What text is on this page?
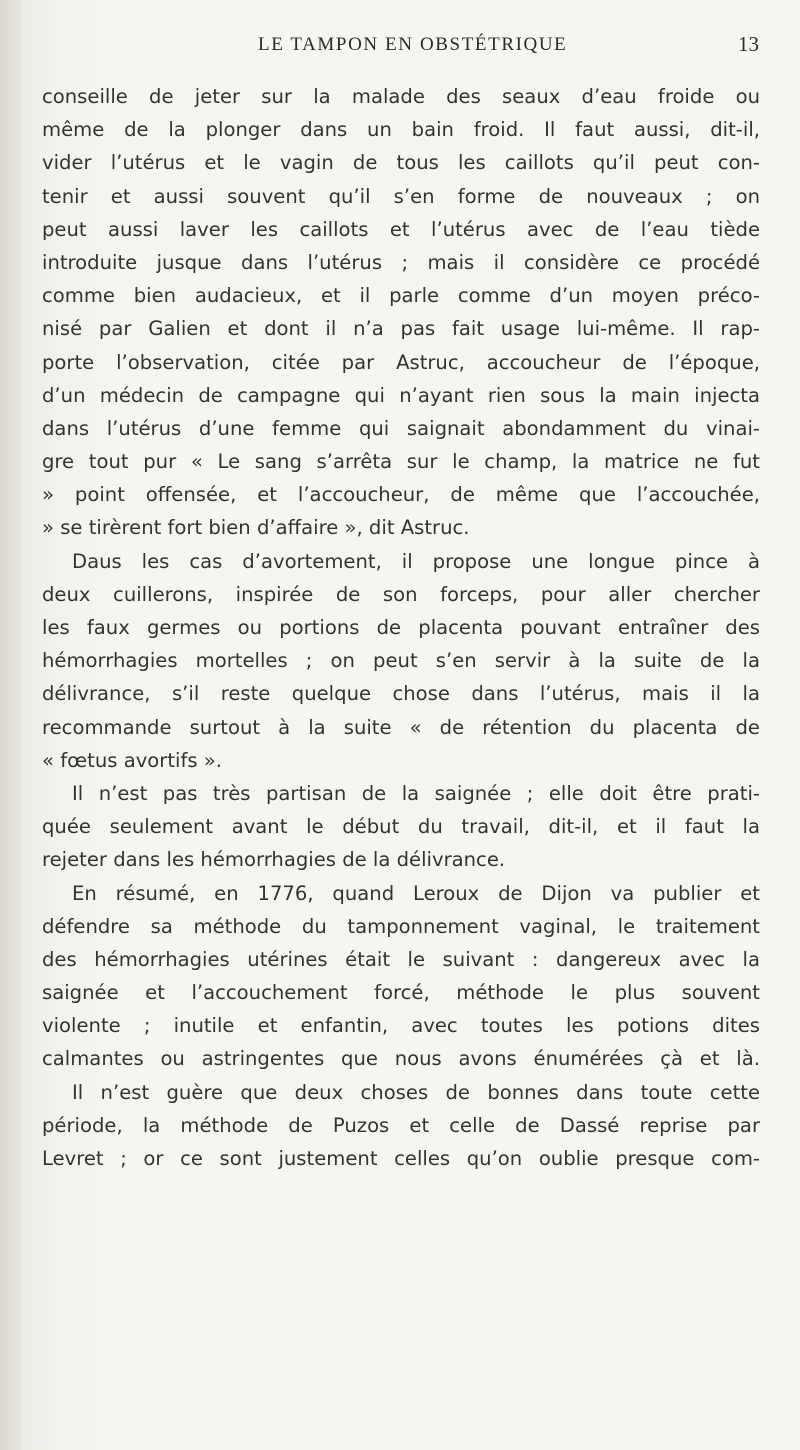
LE TAMPON EN OBSTÉTRIQUE	13
conseille de jeter sur la malade des seaux d’eau froide ou
même de la plonger dans un bain froid. Il faut aussi, dit-il,
vider l’utérus et le vagin de tous les caillots qu’il peut con-
tenir et aussi souvent qu’il s’en forme de nouveaux ; on
peut aussi laver les caillots et l’utérus avec de l’eau tiède
introduite jusque dans l’utérus ; mais il considère ce procédé
comme bien audacieux, et il parle comme d’un moyen préco-
nisé par Galien et dont il n’a pas fait usage lui-même. Il rap-
porte l’observation, citée par Astruc, accoucheur de l’époque,
d’un médecin de campagne qui n’ayant rien sous la main injecta
dans l’utérus d’une femme qui saignait abondamment du vinai-
gre tout pur « Le sang s’arrêta sur le champ, la matrice ne fut
» point offensée, et l’accoucheur, de même que l’accouchée,
» se tirèrent fort bien d’affaire », dit Astruc.
Daus les cas d’avortement, il propose une longue pince à
deux cuillerons, inspirée de son forceps, pour aller chercher
les faux germes ou portions de placenta pouvant entraîner des
hémorrhagies mortelles ; on peut s’en servir à la suite de la
délivrance, s’il reste quelque chose dans l’utérus, mais il la
recommande surtout à la suite « de rétention du placenta de
« fœtus avortifs ».
Il n’est pas très partisan de la saignée ; elle doit être prati-
quée seulement avant le début du travail, dit-il, et il faut la
rejeter dans les hémorrhagies de la délivrance.
En résumé, en 1776, quand Leroux de Dijon va publier et
défendre sa méthode du tamponnement vaginal, le traitement
des hémorrhagies utérines était le suivant : dangereux avec la
saignée et l’accouchement forcé, méthode le plus souvent
violente ; inutile et enfantin, avec toutes les potions dites
calmantes ou astringentes que nous avons énumérées çà et là.
Il n’est guère que deux choses de bonnes dans toute cette
période, la méthode de Puzos et celle de Dassé reprise par
Levret ; or ce sont justement celles qu’on oublie presque com-
